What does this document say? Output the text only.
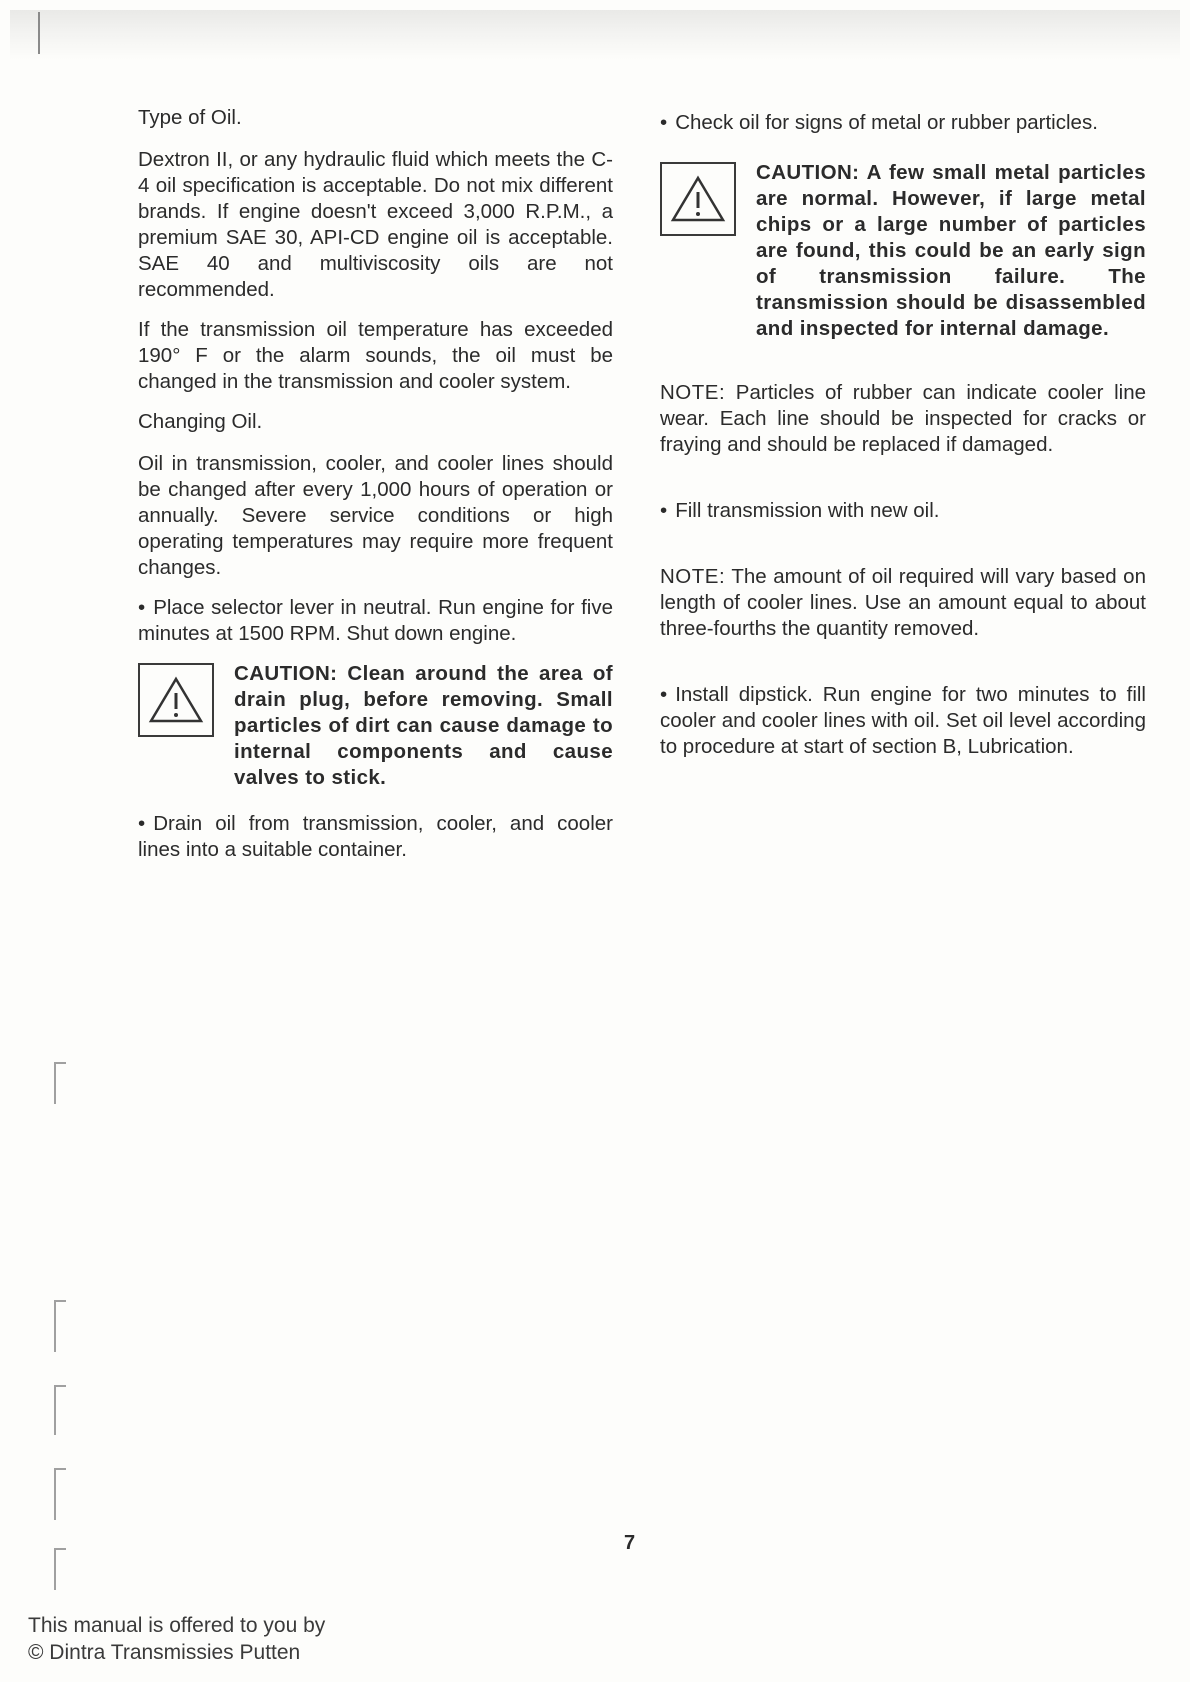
Type of Oil.

Dextron II, or any hydraulic fluid which meets the C-4 oil specification is acceptable. Do not mix different brands. If engine doesn't exceed 3,000 R.P.M., a premium SAE 30, API-CD engine oil is acceptable. SAE 40 and multiviscosity oils are not recommended.

If the transmission oil temperature has exceeded 190° F or the alarm sounds, the oil must be changed in the transmission and cooler system.

Changing Oil.

Oil in transmission, cooler, and cooler lines should be changed after every 1,000 hours of operation or annually. Severe service conditions or high operating temperatures may require more frequent changes.

• Place selector lever in neutral. Run engine for five minutes at 1500 RPM. Shut down engine.
CAUTION: Clean around the area of drain plug, before removing. Small particles of dirt can cause damage to internal components and cause valves to stick.
• Drain oil from transmission, cooler, and cooler lines into a suitable container.
• Check oil for signs of metal or rubber particles.
CAUTION: A few small metal particles are normal. However, if large metal chips or a large number of particles are found, this could be an early sign of transmission failure. The transmission should be disassembled and inspected for internal damage.

NOTE: Particles of rubber can indicate cooler line wear. Each line should be inspected for cracks or fraying and should be replaced if damaged.

• Fill transmission with new oil.

NOTE: The amount of oil required will vary based on length of cooler lines. Use an amount equal to about three-fourths the quantity removed.

• Install dipstick. Run engine for two minutes to fill cooler and cooler lines with oil. Set oil level according to procedure at start of section B, Lubrication.
7
This manual is offered to you by
© Dintra Transmissies Putten
